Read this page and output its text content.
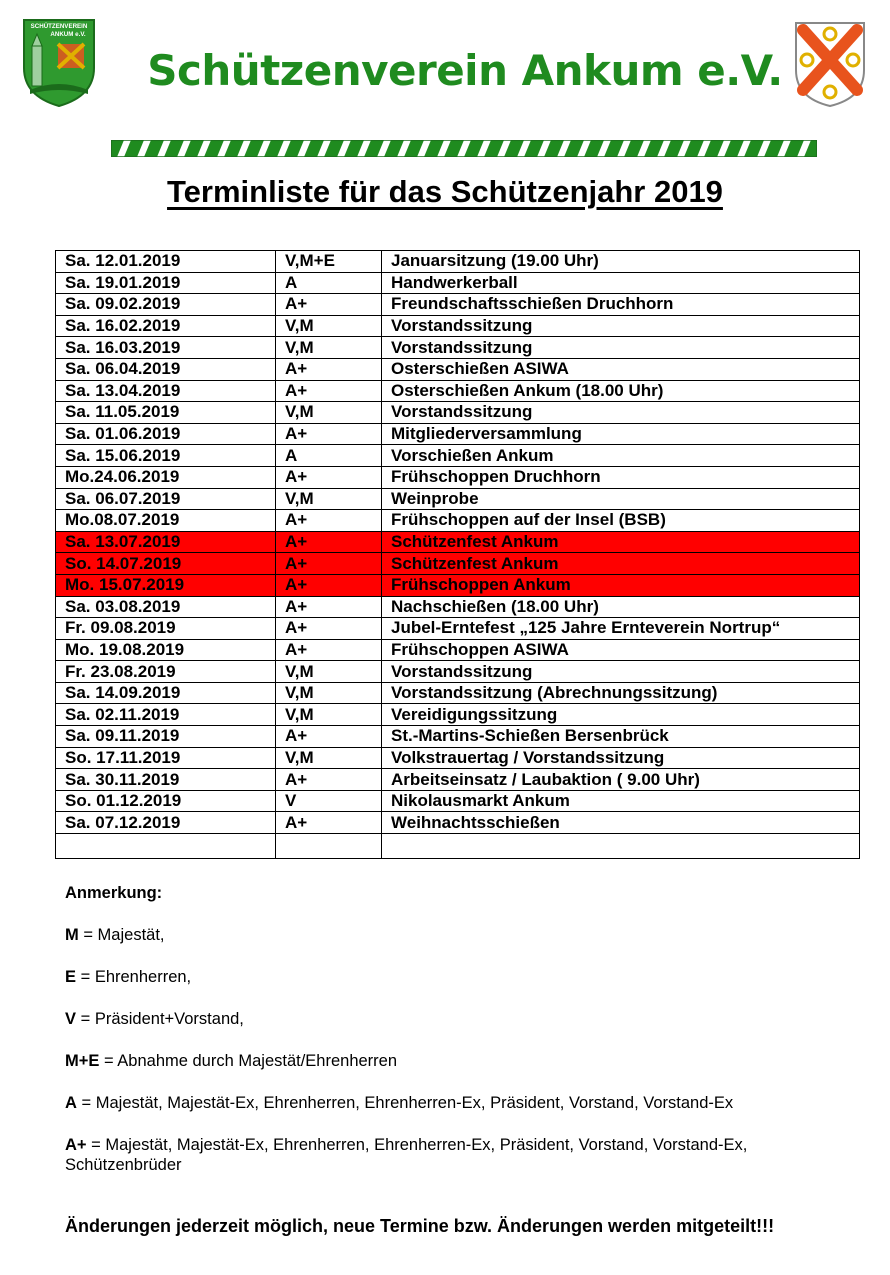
SCHÜTZENVEREIN
ANKUM e.V.
Schützenverein Ankum e.V.
Terminliste für das Schützenjahr 2019
Sa. 12.01.2019	V,M+E	Januarsitzung (19.00 Uhr)
Sa. 19.01.2019	A	Handwerkerball
Sa. 09.02.2019	A+	Freundschaftsschießen Druchhorn
Sa. 16.02.2019	V,M	Vorstandssitzung
Sa. 16.03.2019	V,M	Vorstandssitzung
Sa. 06.04.2019	A+	Osterschießen ASIWA
Sa. 13.04.2019	A+	Osterschießen Ankum (18.00 Uhr)
Sa. 11.05.2019	V,M	Vorstandssitzung
Sa. 01.06.2019	A+	Mitgliederversammlung
Sa. 15.06.2019	A	Vorschießen Ankum
Mo.24.06.2019	A+	Frühschoppen Druchhorn
Sa. 06.07.2019	V,M	Weinprobe
Mo.08.07.2019	A+	Frühschoppen auf der Insel (BSB)
Sa. 13.07.2019	A+	Schützenfest Ankum
So. 14.07.2019	A+	Schützenfest Ankum
Mo. 15.07.2019	A+	Frühschoppen Ankum
Sa. 03.08.2019	A+	Nachschießen (18.00 Uhr)
Fr. 09.08.2019	A+	Jubel-Erntefest „125 Jahre Ernteverein Nortrup“
Mo. 19.08.2019	A+	Frühschoppen ASIWA
Fr. 23.08.2019	V,M	Vorstandssitzung
Sa. 14.09.2019	V,M	Vorstandssitzung (Abrechnungssitzung)
Sa. 02.11.2019	V,M	Vereidigungssitzung
Sa. 09.11.2019	A+	St.-Martins-Schießen Bersenbrück
So. 17.11.2019	V,M	Volkstrauertag / Vorstandssitzung
Sa. 30.11.2019	A+	Arbeitseinsatz / Laubaktion ( 9.00 Uhr)
So. 01.12.2019	V	Nikolausmarkt Ankum
Sa. 07.12.2019	A+	Weihnachtsschießen

Anmerkung:
M = Majestät,
E = Ehrenherren,
V = Präsident+Vorstand,
M+E = Abnahme durch Majestät/Ehrenherren
A = Majestät, Majestät-Ex, Ehrenherren, Ehrenherren-Ex, Präsident, Vorstand, Vorstand-Ex
A+ = Majestät, Majestät-Ex, Ehrenherren, Ehrenherren-Ex, Präsident, Vorstand, Vorstand-Ex, Schützenbrüder
Änderungen jederzeit möglich, neue Termine bzw. Änderungen werden mitgeteilt!!!
